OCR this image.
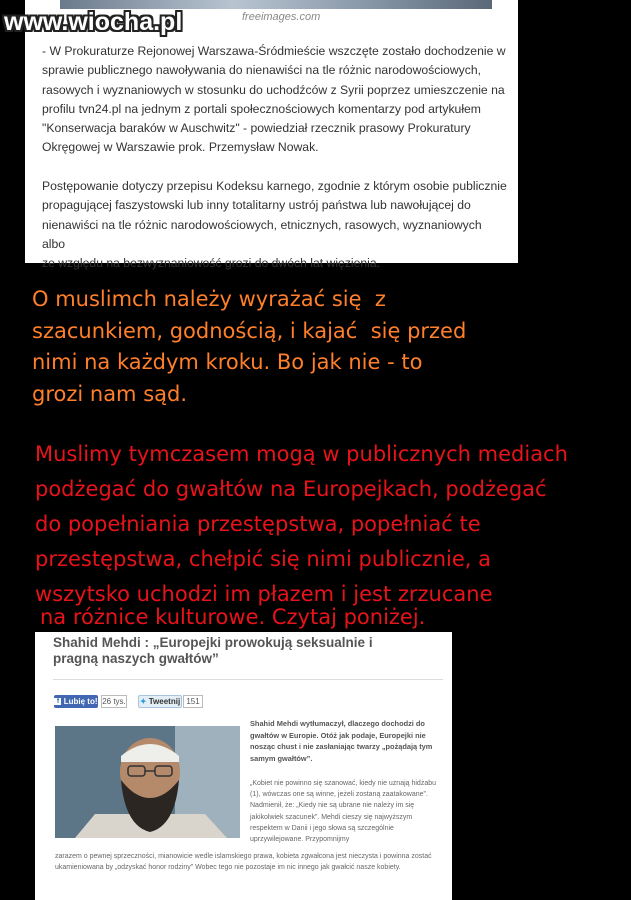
freeimages.com
www.wiocha.pl
- W Prokuraturze Rejonowej Warszawa-Śródmieście wszczęte zostało dochodzenie w
sprawie publicznego nawoływania do nienawiści na tle różnic narodowościowych,
rasowych i wyznaniowych w stosunku do uchodźców z Syrii poprzez umieszczenie na
profilu tvn24.pl na jednym z portali społecznościowych komentarzy pod artykułem
"Konserwacja baraków w Auschwitz" - powiedział rzecznik prasowy Prokuratury
Okręgowej w Warszawie prok. Przemysław Nowak.
Postępowanie dotyczy przepisu Kodeksu karnego, zgodnie z którym osobie publicznie
propagującej faszystowski lub inny totalitarny ustrój państwa lub nawołującej do
nienawiści na tle różnic narodowościowych, etnicznych, rasowych, wyznaniowych albo
ze względu na bezwyznaniowość grozi do dwóch lat więzienia.
O muslimch należy wyrażać się  z
szacunkiem, godnością, i kajać  się przed
nimi na każdym kroku. Bo jak nie - to
grozi nam sąd.
Muslimy tymczasem mogą w publicznych mediach
podżegać do gwałtów na Europejkach, podżegać
do popełniania przestępstwa, popełniać te
przestępstwa, chełpić się nimi publicznie, a
wszytsko uchodzi im płazem i jest zrzucane
na różnice kulturowe. Czytaj poniżej.
Shahid Mehdi : „Europejki prowokują seksualnie i pragną naszych gwałtów”
f Lubię to! 26 tys. ✦ Tweetnij 151
Shahid Mehdi wytłumaczył, dlaczego dochodzi do gwałtów w Europie. Otóż jak podaje, Europejki nie nosząc chust i nie zasłaniając twarzy „pożądają tym samym gwałtów”.
„Kobiet nie powinno się szanować, kiedy nie uznają hidżabu (1), wówczas one są winne, jeżeli zostaną zaatakowane”. Nadmienił, że: „Kiedy nie są ubrane nie należy im się jakikolwiek szacunek”. Mehdi cieszy się najwyższym respektem w Danii i jego słowa są szczególnie uprzywilejowane. Przypomnijmy
zarazem o pewnej sprzeczności, mianowicie wedle islamskiego prawa, kobieta zgwałcona jest nieczysta i powinna zostać ukamieniowana by „odzyskać honor rodziny” Wobec tego nie pozostaje im nic innego jak gwałcić nasze kobiety.
